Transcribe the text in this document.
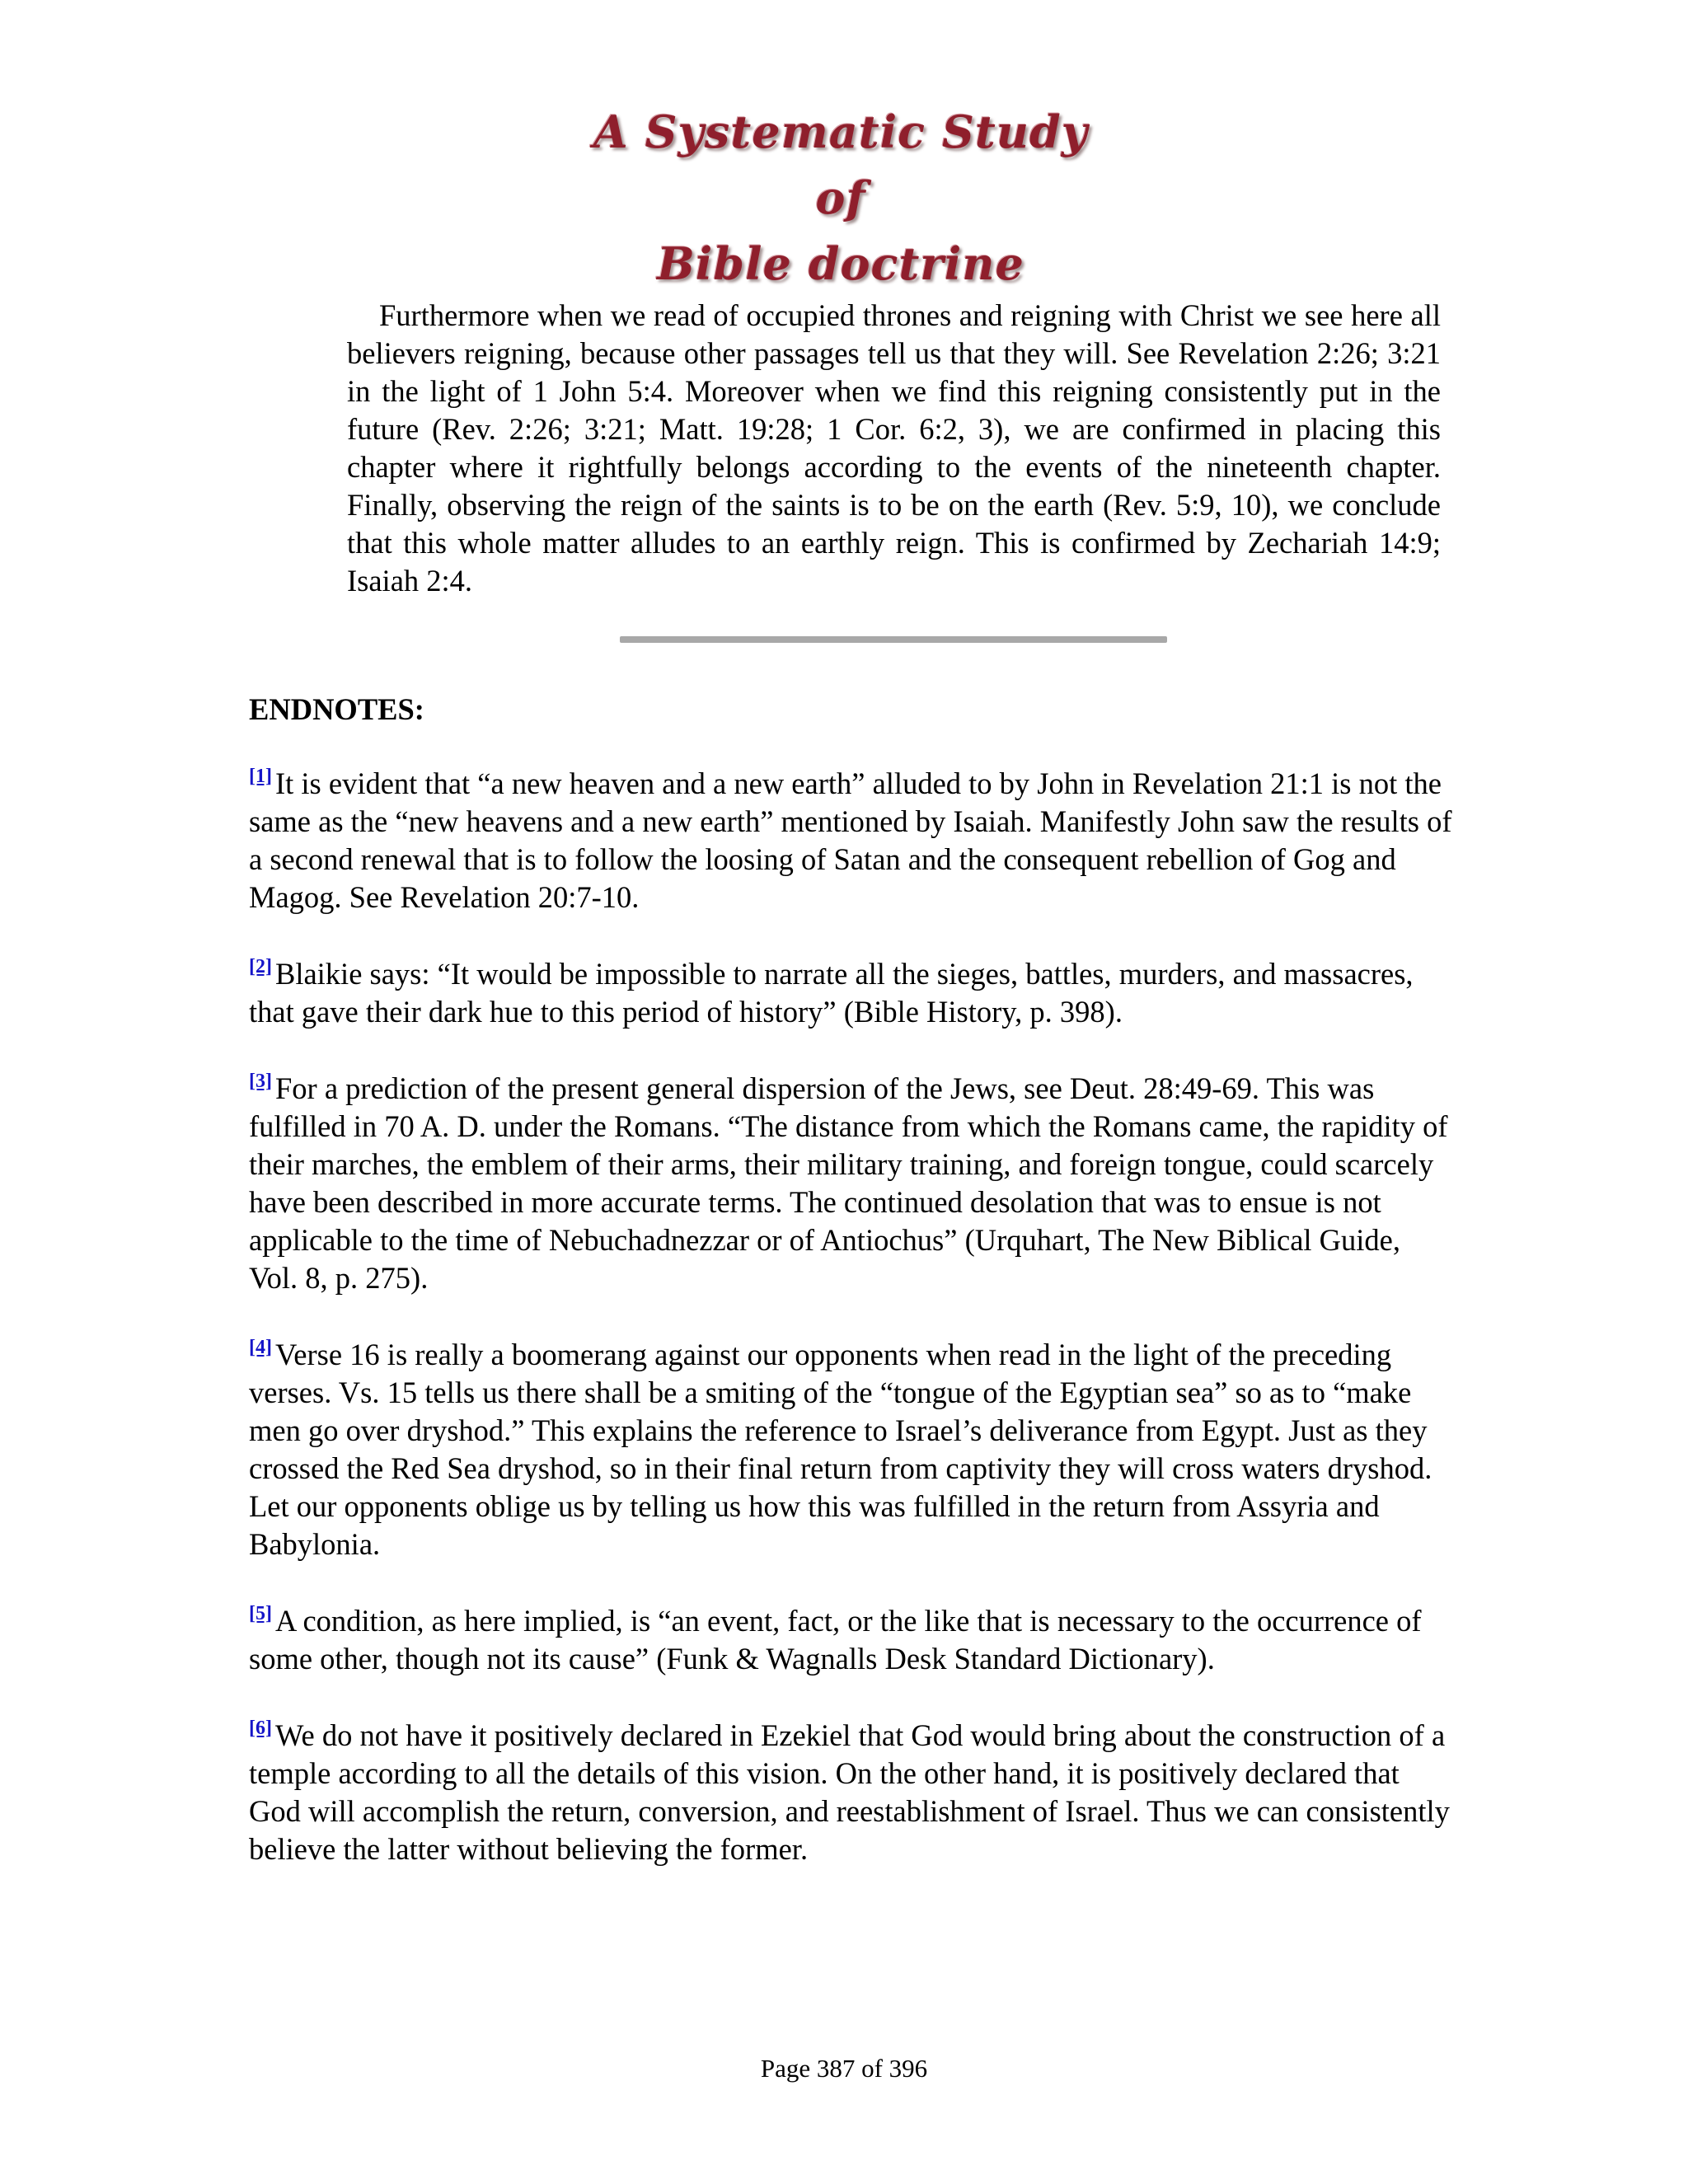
A Systematic Study of
Bible doctrine

Furthermore when we read of occupied thrones and reigning with Christ we see here all believers reigning, because other passages tell us that they will. See Revelation 2:26; 3:21 in the light of 1 John 5:4. Moreover when we find this reigning consistently put in the future (Rev. 2:26; 3:21; Matt. 19:28; 1 Cor. 6:2, 3), we are confirmed in placing this chapter where it rightfully belongs according to the events of the nineteenth chapter. Finally, observing the reign of the saints is to be on the earth (Rev. 5:9, 10), we conclude that this whole matter alludes to an earthly reign. This is confirmed by Zechariah 14:9; Isaiah 2:4.

ENDNOTES:

[1] It is evident that “a new heaven and a new earth” alluded to by John in Revelation 21:1 is not the same as the “new heavens and a new earth” mentioned by Isaiah. Manifestly John saw the results of a second renewal that is to follow the loosing of Satan and the consequent rebellion of Gog and Magog. See Revelation 20:7-10.

[2] Blaikie says: “It would be impossible to narrate all the sieges, battles, murders, and massacres, that gave their dark hue to this period of history” (Bible History, p. 398).

[3] For a prediction of the present general dispersion of the Jews, see Deut. 28:49-69. This was fulfilled in 70 A. D. under the Romans. “The distance from which the Romans came, the rapidity of their marches, the emblem of their arms, their military training, and foreign tongue, could scarcely have been described in more accurate terms. The continued desolation that was to ensue is not applicable to the time of Nebuchadnezzar or of Antiochus” (Urquhart, The New Biblical Guide, Vol. 8, p. 275).

[4] Verse 16 is really a boomerang against our opponents when read in the light of the preceding verses. Vs. 15 tells us there shall be a smiting of the “tongue of the Egyptian sea” so as to “make men go over dryshod.” This explains the reference to Israel’s deliverance from Egypt. Just as they crossed the Red Sea dryshod, so in their final return from captivity they will cross waters dryshod. Let our opponents oblige us by telling us how this was fulfilled in the return from Assyria and Babylonia.

[5] A condition, as here implied, is “an event, fact, or the like that is necessary to the occurrence of some other, though not its cause” (Funk & Wagnalls Desk Standard Dictionary).

[6] We do not have it positively declared in Ezekiel that God would bring about the construction of a temple according to all the details of this vision. On the other hand, it is positively declared that God will accomplish the return, conversion, and reestablishment of Israel. Thus we can consistently believe the latter without believing the former.

Page 387 of 396
